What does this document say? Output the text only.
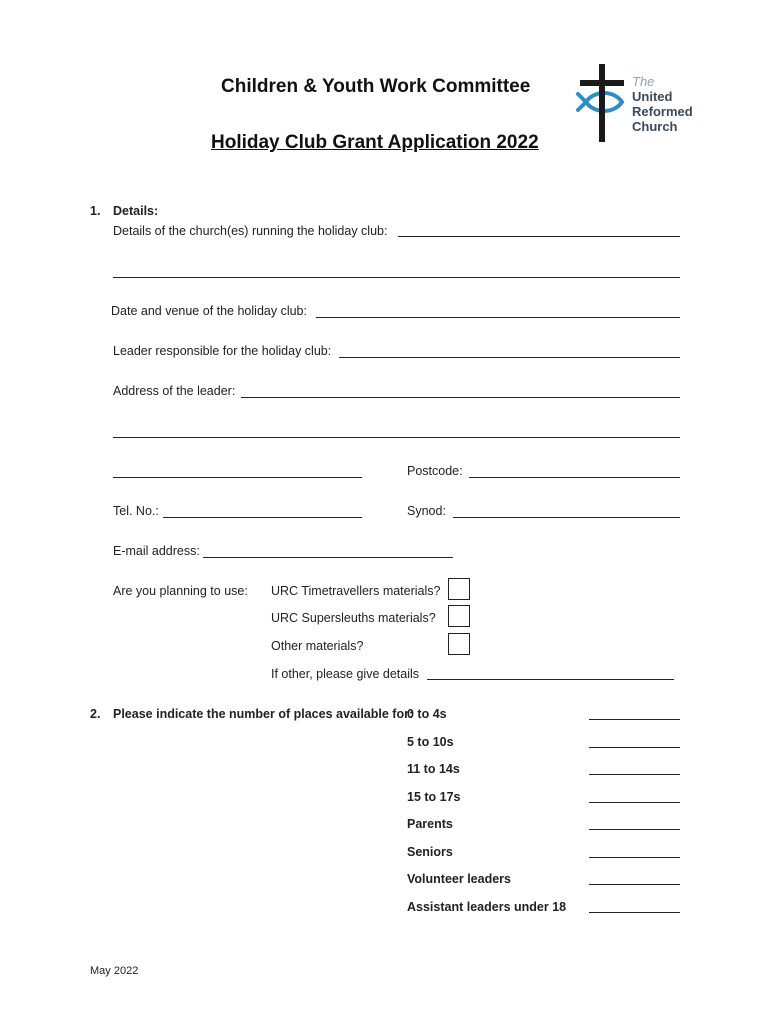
Children & Youth Work Committee
Holiday Club Grant Application 2022
The
United
Reformed
Church
1. Details:
Details of the church(es) running the holiday club:
Date and venue of the holiday club:
Leader responsible for the holiday club:
Address of the leader:
Postcode:
Tel. No.:	Synod:
E-mail address:
Are you planning to use: URC Timetravellers materials?
URC Supersleuths materials?
Other materials?
If other, please give details
2. Please indicate the number of places available for:
0 to 4s
5 to 10s
11 to 14s
15 to 17s
Parents
Seniors
Volunteer leaders
Assistant leaders under 18
May 2022
